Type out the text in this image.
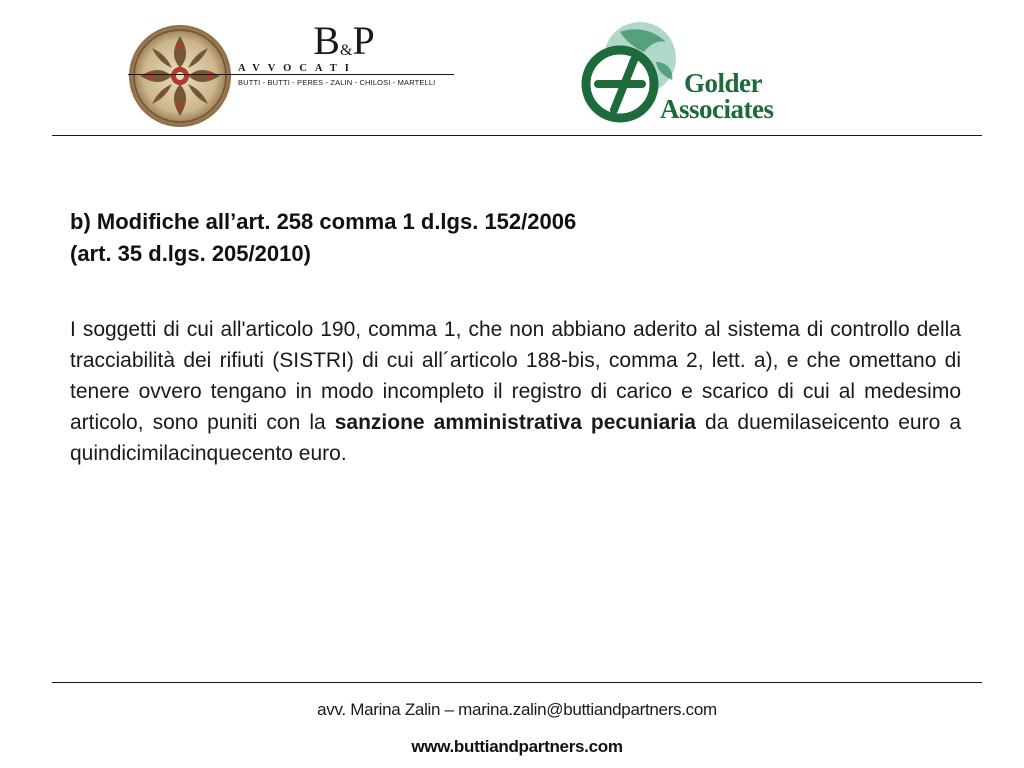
B&P
AVVOCATI
BUTTI - BUTTI - PERES - ZALIN - CHILOSI - MARTELLI	Golder
Associates
b) Modifiche all’art. 258 comma 1 d.lgs. 152/2006
(art. 35 d.lgs. 205/2010)
I soggetti di cui all'articolo 190, comma 1, che non abbiano aderito al sistema di controllo della tracciabilità dei rifiuti (SISTRI) di cui all´articolo 188-bis, comma 2, lett. a), e che omettano di tenere ovvero tengano in modo incompleto il registro di carico e scarico di cui al medesimo articolo, sono puniti con la sanzione amministrativa pecuniaria da duemilaseicento euro a quindicimilacinquecento euro.
avv. Marina Zalin – marina.zalin@buttiandpartners.com
www.buttiandpartners.com
